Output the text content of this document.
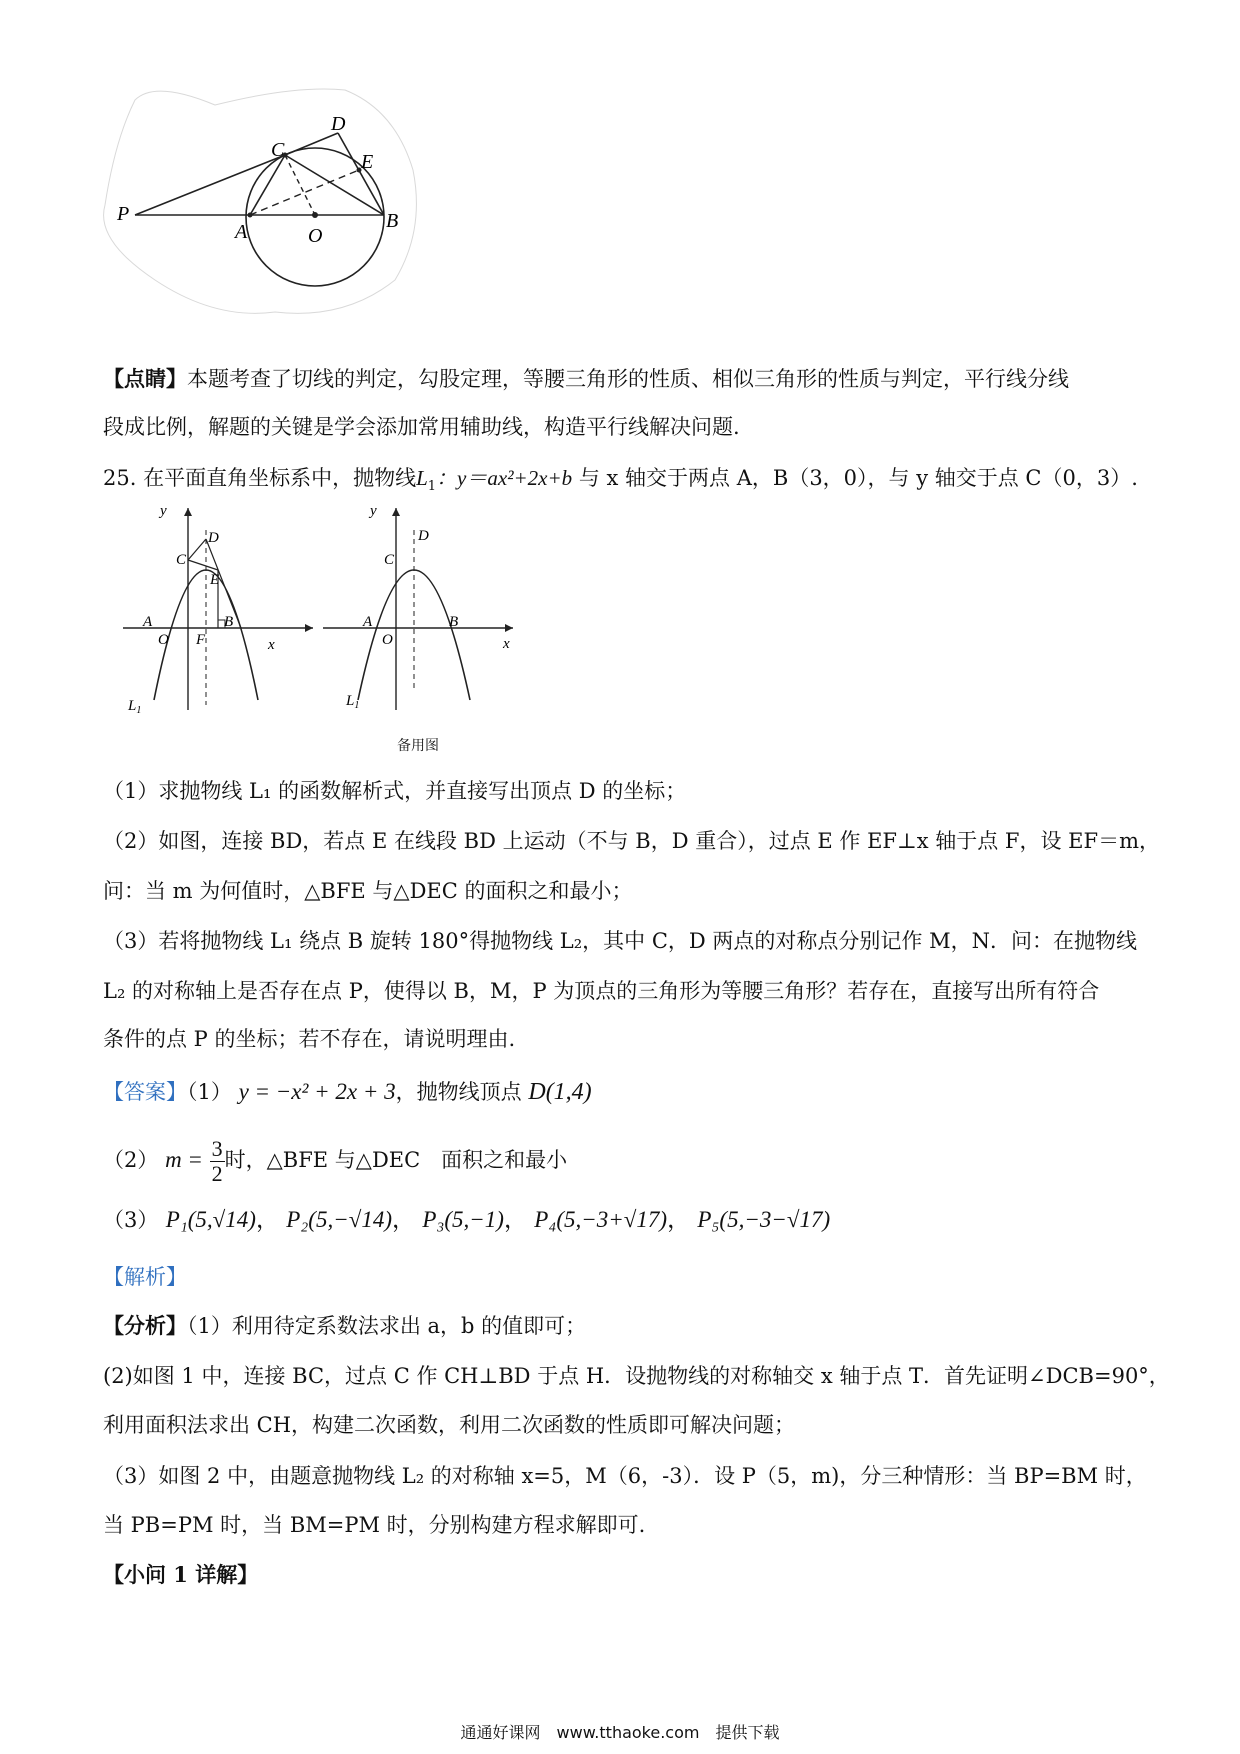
P
A	O
B
C
D
E
【点睛】本题考查了切线的判定，勾股定理，等腰三角形的性质、相似三角形的性质与判定，平行线分线
段成比例，解题的关键是学会添加常用辅助线，构造平行线解决问题.
25. 在平面直角坐标系中，抛物线$L_1$：y＝ax²+2x+b 与 x 轴交于两点 A，B（3，0），与 y 轴交于点 C（0，3）.
y
x
D
C
E
A	B
O F
$L_1$
y
x
D
C
A	B
O
$L_1$
备用图
（1）求抛物线 L₁ 的函数解析式，并直接写出顶点 D 的坐标；
（2）如图，连接 BD，若点 E 在线段 BD 上运动（不与 B，D 重合），过点 E 作 EF⊥x 轴于点 F，设 EF＝m，
问：当 m 为何值时，△BFE 与△DEC 的面积之和最小；
（3）若将抛物线 L₁ 绕点 B 旋转 180°得抛物线 L₂，其中 C，D 两点的对称点分别记作 M，N．问：在抛物线
L₂ 的对称轴上是否存在点 P，使得以 B，M，P 为顶点的三角形为等腰三角形？若存在，直接写出所有符合
条件的点 P 的坐标；若不存在，请说明理由.
【答案】（1） y = −x² + 2x + 3，抛物线顶点 D(1,4)
（2） $m = \frac{3}{2}$ 时，△BFE 与△DEC　面积之和最小
（3） P₁(5,√14)， P₂(5,−√14)， P₃(5,−1)， P₄(5,−3+√17)， P₅(5,−3−√17)
【解析】
【分析】（1）利用待定系数法求出 a，b 的值即可；
(2)如图 1 中，连接 BC，过点 C 作 CH⊥BD 于点 H．设抛物线的对称轴交 x 轴于点 T．首先证明∠DCB=90°，
利用面积法求出 CH，构建二次函数，利用二次函数的性质即可解决问题；
（3）如图 2 中，由题意抛物线 L₂ 的对称轴 x=5，M（6，-3）．设 P（5，m)，分三种情形：当 BP=BM 时，
当 PB=PM 时，当 BM=PM 时，分别构建方程求解即可.
【小问 1 详解】
通通好课网　www.tthaoke.com　提供下载
